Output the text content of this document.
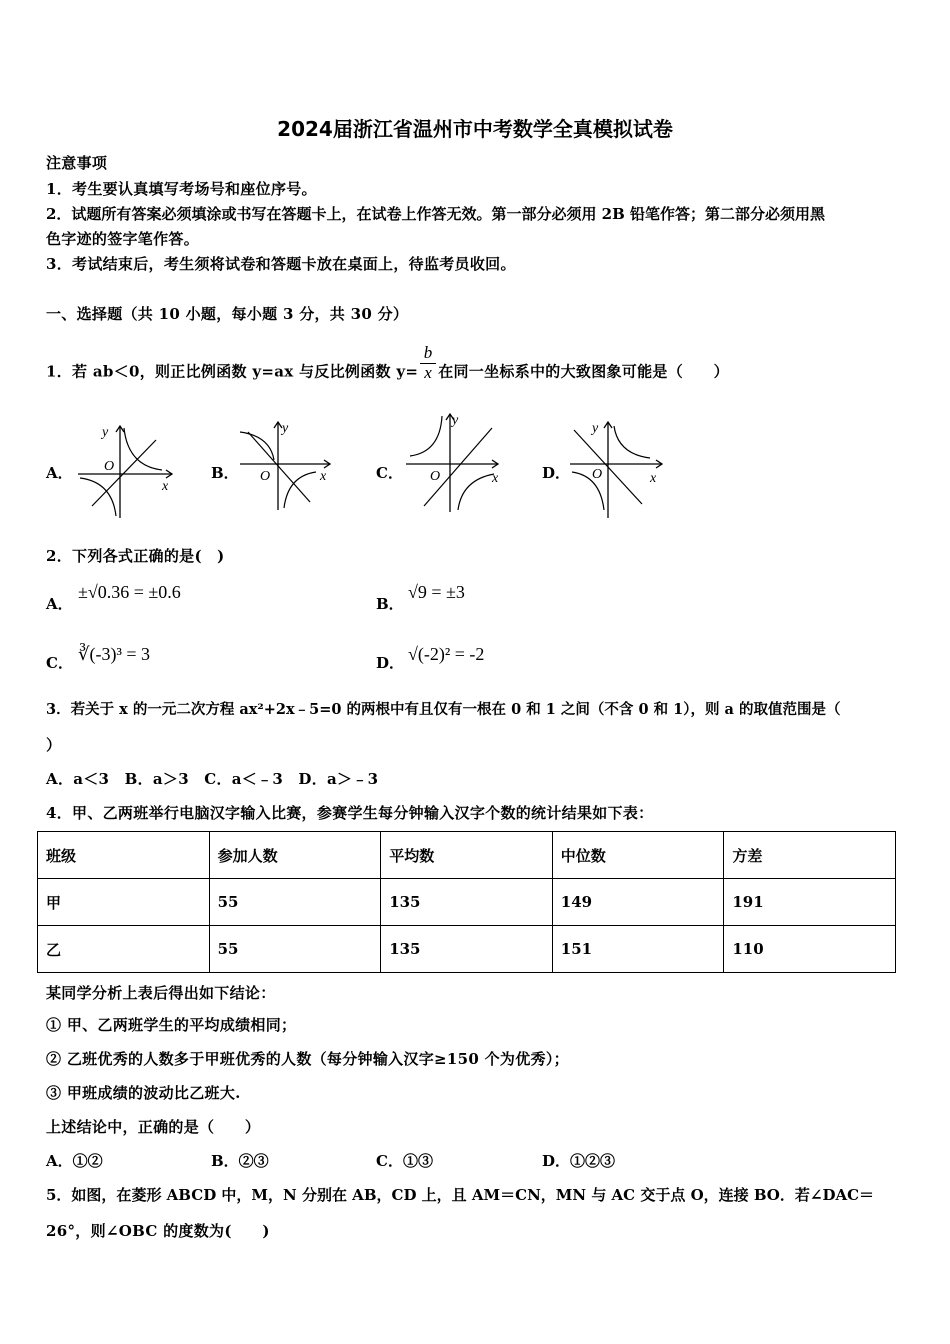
2024届浙江省温州市中考数学全真模拟试卷
注意事项
1．考生要认真填写考场号和座位序号。
2．试题所有答案必须填涂或书写在答题卡上，在试卷上作答无效。第一部分必须用 2B 铅笔作答；第二部分必须用黑
色字迹的签字笔作答。
3．考试结束后，考生须将试卷和答题卡放在桌面上，待监考员收回。
一、选择题（共 10 小题，每小题 3 分，共 30 分）
1．若 ab＜0，则正比例函数 y=ax 与反比例函数 $y= \frac{b}{x}$ 在同一坐标系中的大致图象可能是（　　）
A．
y
x
O	B．
y
x
O	C．
y
x
O	D．
y
x
O
2．下列各式正确的是(　)
A．
±√0.36 = ±0.6
B．
√9 = ±3
C． ∛(-3)³ = 3	D． √(-2)² = -2
3．若关于 x 的一元二次方程 ax²+2x﹣5=0 的两根中有且仅有一根在 0 和 1 之间（不含 0 和 1），则 a 的取值范围是（
）
A．a＜3　B．a＞3　C．a＜﹣3　D．a＞﹣3
4．甲、乙两班举行电脑汉字输入比赛，参赛学生每分钟输入汉字个数的统计结果如下表：
班级	参加人数	平均数	中位数	方差
甲	55	135	149	191
乙	55	135	151	110
某同学分析上表后得出如下结论：
① 甲、乙两班学生的平均成绩相同；
② 乙班优秀的人数多于甲班优秀的人数（每分钟输入汉字≥150 个为优秀）；
③ 甲班成绩的波动比乙班大.
上述结论中，正确的是（　　）
A．①②	B．②③	C．①③	D．①②③
5．如图，在菱形 ABCD 中，M，N 分别在 AB，CD 上，且 AM＝CN，MN 与 AC 交于点 O，连接 BO．若∠DAC＝
26°，则∠OBC 的度数为(　　)
